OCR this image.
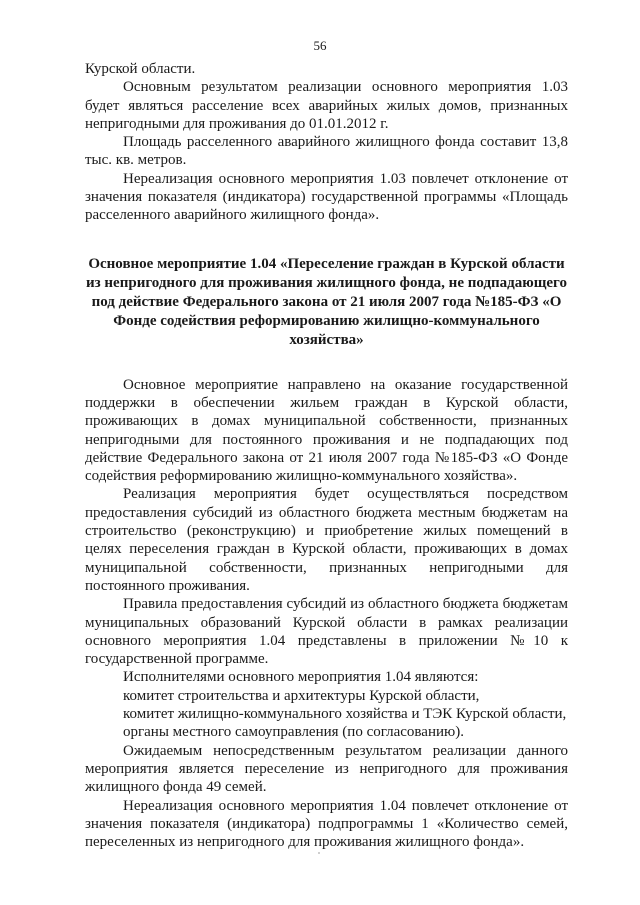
56

Курской области.

Основным результатом реализации основного мероприятия 1.03 будет являться расселение всех аварийных жилых домов, признанных непригодными для проживания до 01.01.2012 г.

Площадь расселенного аварийного жилищного фонда составит 13,8 тыс. кв. метров.

Нереализация основного мероприятия 1.03 повлечет отклонение от значения показателя (индикатора) государственной программы «Площадь расселенного аварийного жилищного фонда».

Основное мероприятие 1.04 «Переселение граждан в Курской области из непригодного для проживания жилищного фонда, не подпадающего под действие Федерального закона от 21 июля 2007 года №185-ФЗ «О Фонде содействия реформированию жилищно-коммунального хозяйства»

Основное мероприятие направлено на оказание государственной поддержки в обеспечении жильем граждан в Курской области, проживающих в домах муниципальной собственности, признанных непригодными для постоянного проживания и не подпадающих под действие Федерального закона от 21 июля 2007 года №185-ФЗ «О Фонде содействия реформированию жилищно-коммунального хозяйства».

Реализация мероприятия будет осуществляться посредством предоставления субсидий из областного бюджета местным бюджетам на строительство (реконструкцию) и приобретение жилых помещений в целях переселения граждан в Курской области, проживающих в домах муниципальной собственности, признанных непригодными для постоянного проживания.

Правила предоставления субсидий из областного бюджета бюджетам муниципальных образований Курской области в рамках реализации основного мероприятия 1.04 представлены в приложении №10 к государственной программе.

Исполнителями основного мероприятия 1.04 являются:

комитет строительства и архитектуры Курской области,

комитет жилищно-коммунального хозяйства и ТЭК Курской области,

органы местного самоуправления (по согласованию).

Ожидаемым непосредственным результатом реализации данного мероприятия является переселение из непригодного для проживания жилищного фонда 49 семей.

Нереализация основного мероприятия 1.04 повлечет отклонение от значения показателя (индикатора) подпрограммы 1 «Количество семей, переселенных из непригодного для проживания жилищного фонда».
